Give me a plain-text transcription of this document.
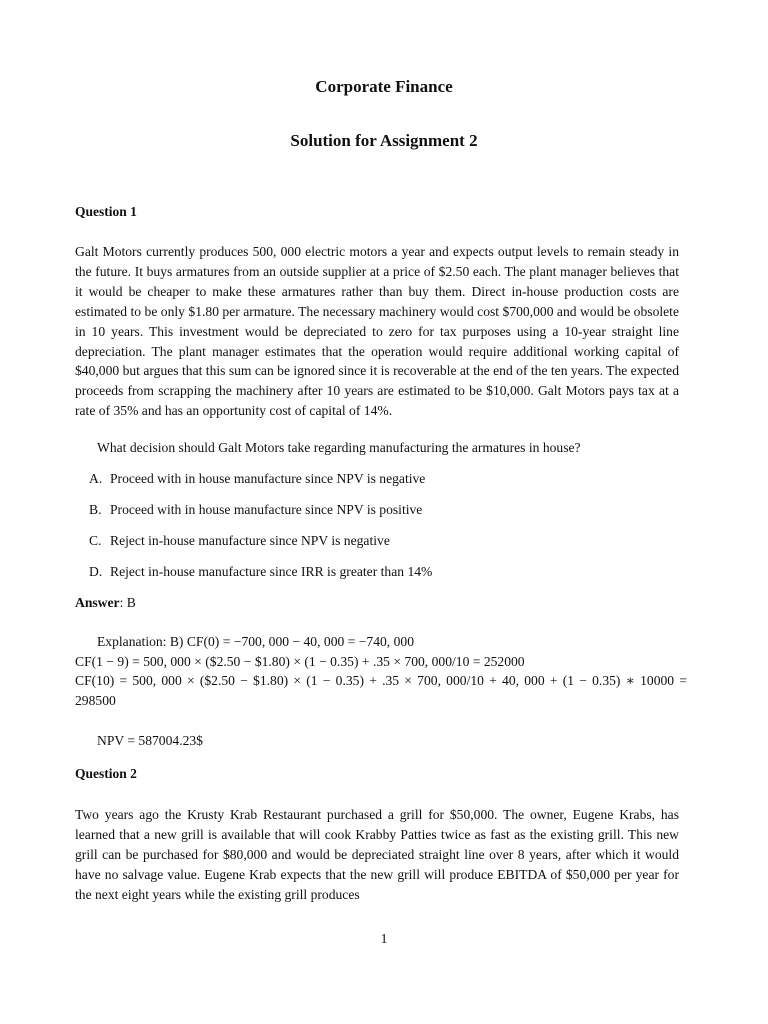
Corporate Finance
Solution for Assignment 2
Question 1
Galt Motors currently produces 500, 000 electric motors a year and expects output levels to remain steady in the future. It buys armatures from an outside supplier at a price of $2.50 each. The plant manager believes that it would be cheaper to make these armatures rather than buy them. Direct in-house production costs are estimated to be only $1.80 per armature. The necessary machinery would cost $700,000 and would be obsolete in 10 years. This investment would be depreciated to zero for tax purposes using a 10-year straight line depreciation. The plant manager estimates that the operation would require additional working capital of $40,000 but argues that this sum can be ignored since it is recoverable at the end of the ten years. The expected proceeds from scrapping the machinery after 10 years are estimated to be $10,000. Galt Motors pays tax at a rate of 35% and has an opportunity cost of capital of 14%.
What decision should Galt Motors take regarding manufacturing the armatures in house?
A. Proceed with in house manufacture since NPV is negative
B. Proceed with in house manufacture since NPV is positive
C. Reject in-house manufacture since NPV is negative
D. Reject in-house manufacture since IRR is greater than 14%
Answer: B
Explanation: B) CF(0) = −700, 000 − 40, 000 = −740, 000
CF(1 − 9) = 500, 000 × ($2.50 − $1.80) × (1 − 0.35) + .35 × 700, 000/10 = 252000
CF(10) = 500, 000 × ($2.50 − $1.80) × (1 − 0.35) + .35 × 700, 000/10 + 40, 000 + (1 − 0.35) ∗ 10000 =
298500
NPV = 587004.23$
Question 2
Two years ago the Krusty Krab Restaurant purchased a grill for $50,000. The owner, Eugene Krabs, has learned that a new grill is available that will cook Krabby Patties twice as fast as the existing grill. This new grill can be purchased for $80,000 and would be depreciated straight line over 8 years, after which it would have no salvage value. Eugene Krab expects that the new grill will produce EBITDA of $50,000 per year for the next eight years while the existing grill produces
1
